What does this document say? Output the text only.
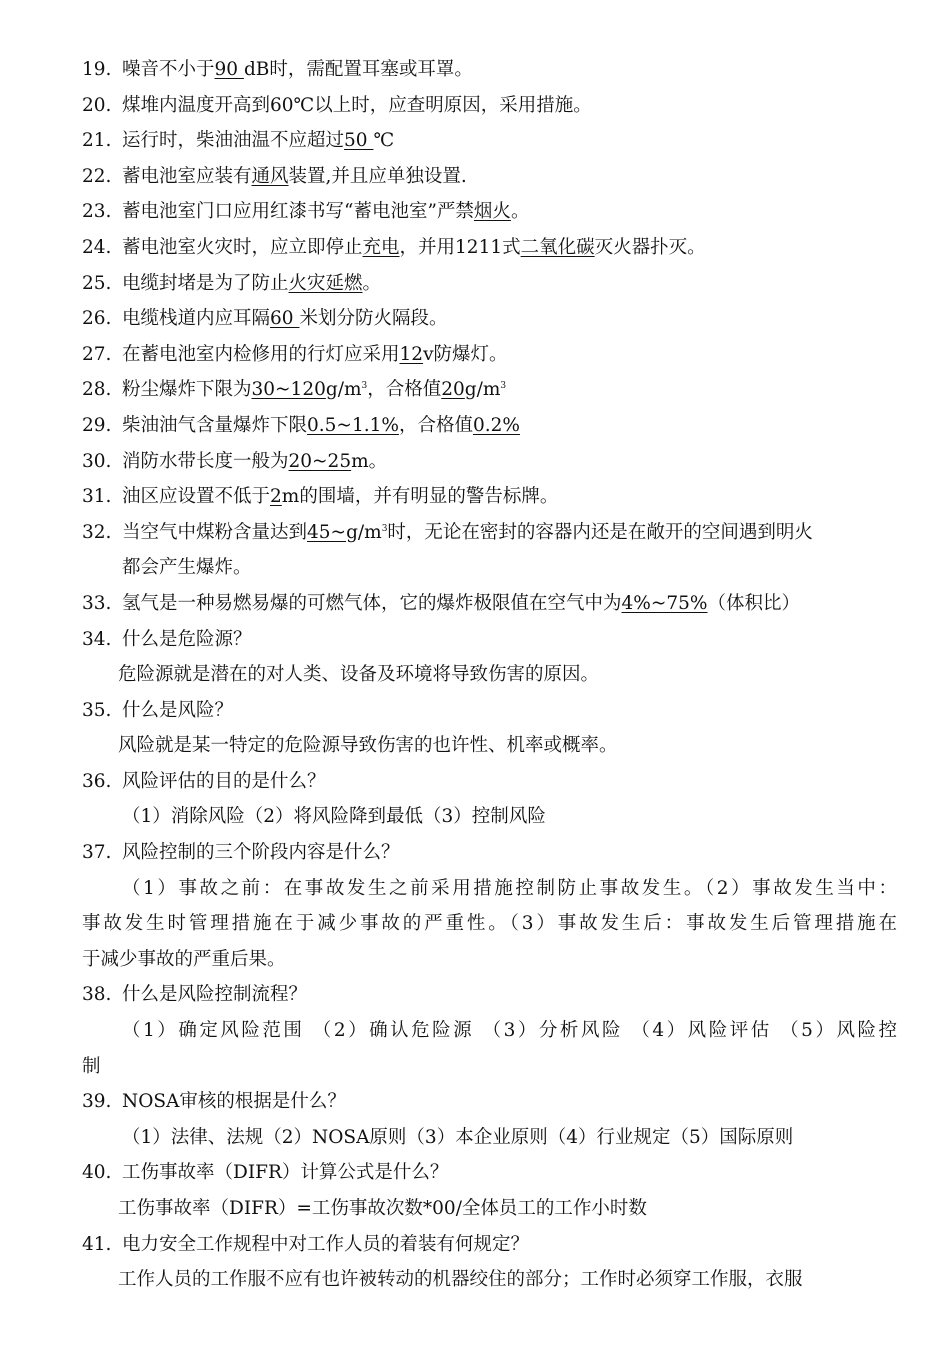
19. 噪音不小于90 dB时，需配置耳塞或耳罩。
20. 煤堆内温度开高到60℃以上时，应查明原因，采用措施。
21. 运行时，柴油油温不应超过50 ℃
22. 蓄电池室应装有通风装置,并且应单独设置.
23. 蓄电池室门口应用红漆书写“蓄电池室”严禁烟火。
24. 蓄电池室火灾时，应立即停止充电，并用1211式二氧化碳灭火器扑灭。
25. 电缆封堵是为了防止火灾延燃。
26. 电缆栈道内应耳隔60 米划分防火隔段。
27. 在蓄电池室内检修用的行灯应采用12v防爆灯。
28. 粉尘爆炸下限为$30\sim 120g/m^3$，合格值$20g/m^3$
29. 柴油油气含量爆炸下限0.5~1.1%，合格值0.2%
30. 消防水带长度一般为20~25m。
31. 油区应设置不低于2m的围墙，并有明显的警告标牌。
32. 当空气中煤粉含量达到$45\sim g/m^3$时，无论在密封的容器内还是在敞开的空间遇到明火
都会产生爆炸。
33. 氢气是一种易燃易爆的可燃气体，它的爆炸极限值在空气中为4%~75%（体积比）
34. 什么是危险源？
危险源就是潜在的对人类、设备及环境将导致伤害的原因。
35. 什么是风险？
风险就是某一特定的危险源导致伤害的也许性、机率或概率。
36. 风险评估的目的是什么？
（1）消除风险（2）将风险降到最低（3）控制风险
37. 风险控制的三个阶段内容是什么？
（1）事故之前：在事故发生之前采用措施控制防止事故发生。（2）事故发生当中：
事故发生时管理措施在于减少事故的严重性。（3）事故发生后：事故发生后管理措施在
于减少事故的严重后果。
38. 什么是风险控制流程？
（1）确定风险范围 （2）确认危险源 （3）分析风险 （4）风险评估 （5）风险控
制
39. NOSA审核的根据是什么？
（1）法律、法规（2）NOSA原则（3）本企业原则（4）行业规定（5）国际原则
40. 工伤事故率（DIFR）计算公式是什么？
工伤事故率（DIFR）=工伤事故次数*00/全体员工的工作小时数
41. 电力安全工作规程中对工作人员的着装有何规定？
工作人员的工作服不应有也许被转动的机器绞住的部分；工作时必须穿工作服，衣服
